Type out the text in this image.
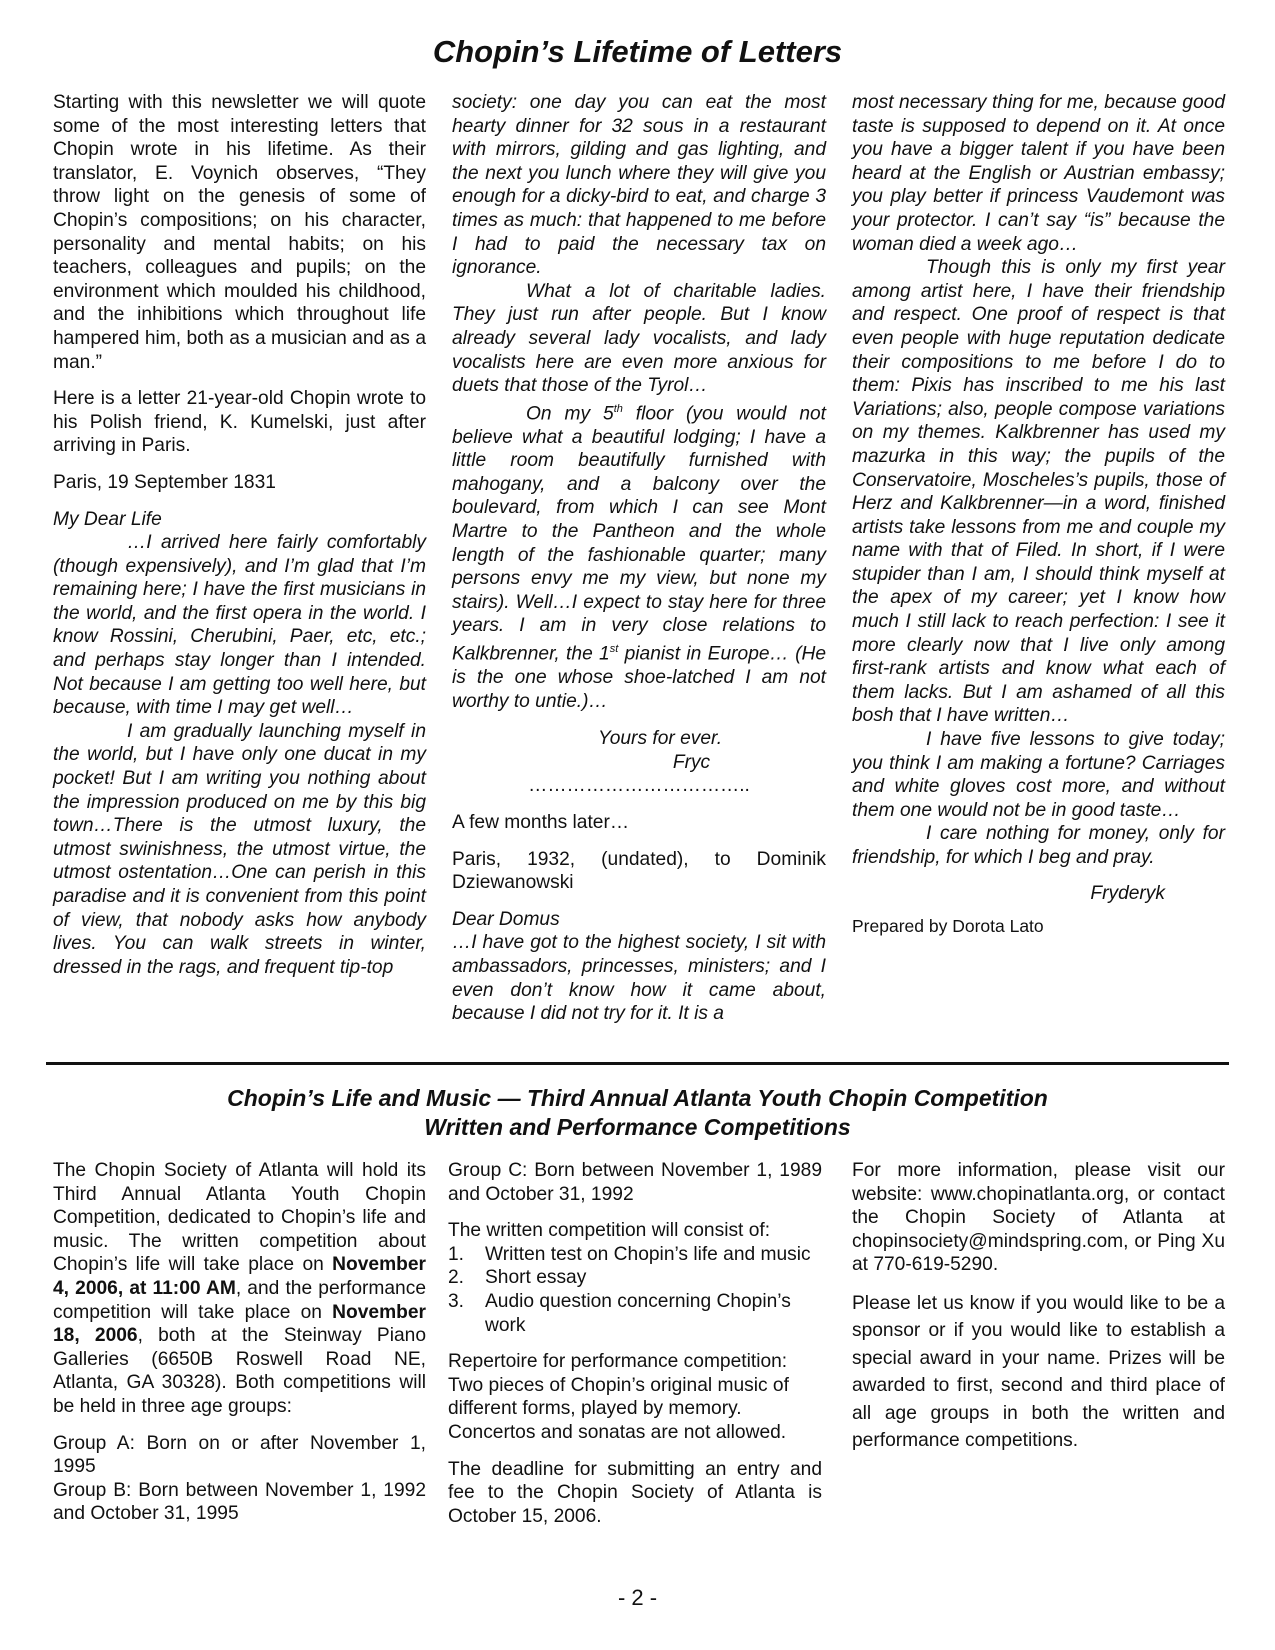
Chopin’s Lifetime of Letters

Starting with this newsletter we will quote some of the most interesting letters that Chopin wrote in his lifetime. As their translator, E. Voynich observes, “They throw light on the genesis of some of Chopin’s compositions; on his character, personality and mental habits; on his teachers, colleagues and pupils; on the environment which moulded his childhood, and the inhibitions which throughout life hampered him, both as a musician and as a man.”

Here is a letter 21-year-old Chopin wrote to his Polish friend, K. Kumelski, just after arriving in Paris.

Paris, 19 September 1831

My Dear Life

…I arrived here fairly comfortably (though expensively), and I’m glad that I’m remaining here; I have the first musicians in the world, and the first opera in the world. I know Rossini, Cherubini, Paer, etc, etc.; and perhaps stay longer than I intended. Not because I am getting too well here, but because, with time I may get well…

I am gradually launching myself in the world, but I have only one ducat in my pocket! But I am writing you nothing about the impression produced on me by this big town…There is the utmost luxury, the utmost swinishness, the utmost virtue, the utmost ostentation…One can perish in this paradise and it is convenient from this point of view, that nobody asks how anybody lives. You can walk streets in winter, dressed in the rags, and frequent tip-top

society: one day you can eat the most hearty dinner for 32 sous in a restaurant with mirrors, gilding and gas lighting, and the next you lunch where they will give you enough for a dicky-bird to eat, and charge 3 times as much: that happened to me before I had to paid the necessary tax on ignorance.

What a lot of charitable ladies. They just run after people. But I know already several lady vocalists, and lady vocalists here are even more anxious for duets that those of the Tyrol…

On my 5th floor (you would not believe what a beautiful lodging; I have a little room beautifully furnished with mahogany, and a balcony over the boulevard, from which I can see Mont Martre to the Pantheon and the whole length of the fashionable quarter; many persons envy me my view, but none my stairs). Well…I expect to stay here for three years. I am in very close relations to Kalkbrenner, the 1st pianist in Europe… (He is the one whose shoe-latched I am not worthy to untie.)…

Yours for ever.

Fryc

……………………………..

A few months later…

Paris, 1932, (undated), to Dominik Dziewanowski

Dear Domus

…I have got to the highest society, I sit with ambassadors, princesses, ministers; and I even don’t know how it came about, because I did not try for it. It is a

most necessary thing for me, because good taste is supposed to depend on it. At once you have a bigger talent if you have been heard at the English or Austrian embassy; you play better if princess Vaudemont was your protector. I can’t say “is” because the woman died a week ago…

Though this is only my first year among artist here, I have their friendship and respect. One proof of respect is that even people with huge reputation dedicate their compositions to me before I do to them: Pixis has inscribed to me his last Variations; also, people compose variations on my themes. Kalkbrenner has used my mazurka in this way; the pupils of the Conservatoire, Moscheles’s pupils, those of Herz and Kalkbrenner—in a word, finished artists take lessons from me and couple my name with that of Filed. In short, if I were stupider than I am, I should think myself at the apex of my career; yet I know how much I still lack to reach perfection: I see it more clearly now that I live only among first-rank artists and know what each of them lacks. But I am ashamed of all this bosh that I have written…

I have five lessons to give today; you think I am making a fortune? Carriages and white gloves cost more, and without them one would not be in good taste…

I care nothing for money, only for friendship, for which I beg and pray.

Fryderyk

Prepared by Dorota Lato

Chopin’s Life and Music — Third Annual Atlanta Youth Chopin Competition
Written and Performance Competitions

The Chopin Society of Atlanta will hold its Third Annual Atlanta Youth Chopin Competition, dedicated to Chopin’s life and music. The written competition about Chopin’s life will take place on November 4, 2006, at 11:00 AM, and the performance competition will take place on November 18, 2006, both at the Steinway Piano Galleries (6650B Roswell Road NE, Atlanta, GA 30328). Both competitions will be held in three age groups:

Group A: Born on or after November 1, 1995

Group B: Born between November 1, 1992 and October 31, 1995

Group C: Born between November 1, 1989 and October 31, 1992

The written competition will consist of:

1.	Written test on Chopin’s life and music
2.	Short essay
3.	Audio question concerning Chopin’s work

Repertoire for performance competition: Two pieces of Chopin’s original music of different forms, played by memory. Concertos and sonatas are not allowed.

The deadline for submitting an entry and fee to the Chopin Society of Atlanta is October 15, 2006.

For more information, please visit our website: www.chopinatlanta.org, or contact the Chopin Society of Atlanta at chopinsociety@mindspring.com, or Ping Xu at 770-619-5290.

Please let us know if you would like to be a sponsor or if you would like to establish a special award in your name. Prizes will be awarded to first, second and third place of all age groups in both the written and performance competitions.

- 2 -
